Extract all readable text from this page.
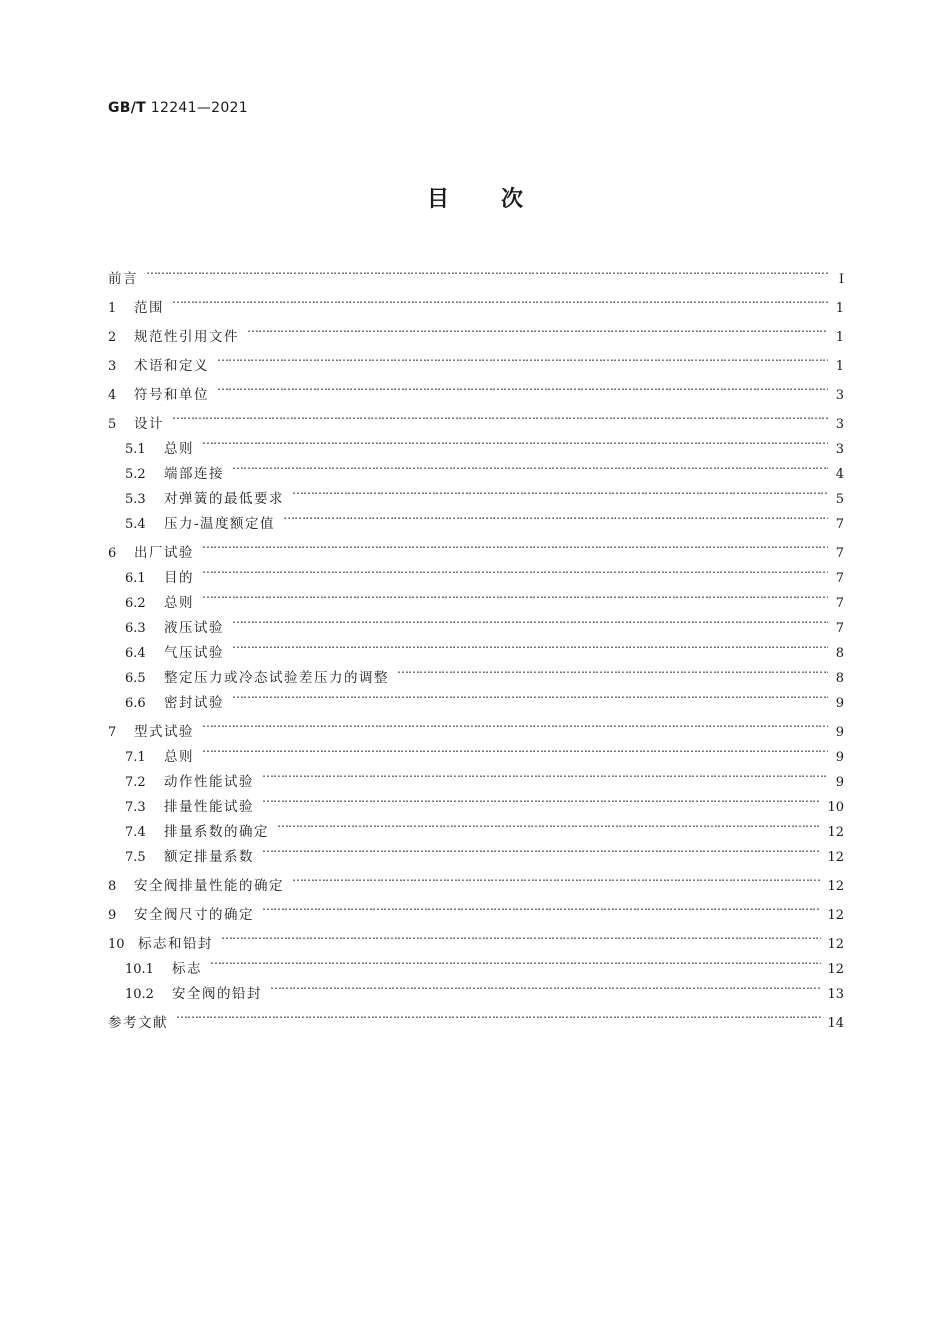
GB/T 12241—2021
目次
前言 …………………………………………………………………………………………………………………………………………………………………………………………………………………………………	Ⅰ
1	范围 …………………………………………………………………………………………………………………………………………………………………………………………………………………………………	1
2	规范性引用文件 …………………………………………………………………………………………………………………………………………………………………………………………………………………………………	1
3	术语和定义 …………………………………………………………………………………………………………………………………………………………………………………………………………………………………	1
4	符号和单位 …………………………………………………………………………………………………………………………………………………………………………………………………………………………………	3
5	设计 …………………………………………………………………………………………………………………………………………………………………………………………………………………………………	3
5.1	总则 …………………………………………………………………………………………………………………………………………………………………………………………………………………………………	3
5.2	端部连接 …………………………………………………………………………………………………………………………………………………………………………………………………………………………………	4
5.3	对弹簧的最低要求 …………………………………………………………………………………………………………………………………………………………………………………………………………………………………	5
5.4	压力-温度额定值 …………………………………………………………………………………………………………………………………………………………………………………………………………………………………	7
6	出厂试验 …………………………………………………………………………………………………………………………………………………………………………………………………………………………………	7
6.1	目的 …………………………………………………………………………………………………………………………………………………………………………………………………………………………………	7
6.2	总则 …………………………………………………………………………………………………………………………………………………………………………………………………………………………………	7
6.3	液压试验 …………………………………………………………………………………………………………………………………………………………………………………………………………………………………	7
6.4	气压试验 …………………………………………………………………………………………………………………………………………………………………………………………………………………………………	8
6.5	整定压力或冷态试验差压力的调整 …………………………………………………………………………………………………………………………………………………………………………………………………………………………………	8
6.6	密封试验 …………………………………………………………………………………………………………………………………………………………………………………………………………………………………	9
7	型式试验 …………………………………………………………………………………………………………………………………………………………………………………………………………………………………	9
7.1	总则 …………………………………………………………………………………………………………………………………………………………………………………………………………………………………	9
7.2	动作性能试验 …………………………………………………………………………………………………………………………………………………………………………………………………………………………………	9
7.3	排量性能试验 …………………………………………………………………………………………………………………………………………………………………………………………………………………………………	10
7.4	排量系数的确定 …………………………………………………………………………………………………………………………………………………………………………………………………………………………………	12
7.5	额定排量系数 …………………………………………………………………………………………………………………………………………………………………………………………………………………………………	12
8	安全阀排量性能的确定 …………………………………………………………………………………………………………………………………………………………………………………………………………………………………	12
9	安全阀尺寸的确定 …………………………………………………………………………………………………………………………………………………………………………………………………………………………………	12
10 标志和铅封 …………………………………………………………………………………………………………………………………………………………………………………………………………………………………	12
10.1	标志 …………………………………………………………………………………………………………………………………………………………………………………………………………………………………	12
10.2	安全阀的铅封 …………………………………………………………………………………………………………………………………………………………………………………………………………………………………	13
参考文献 …………………………………………………………………………………………………………………………………………………………………………………………………………………………………	14
